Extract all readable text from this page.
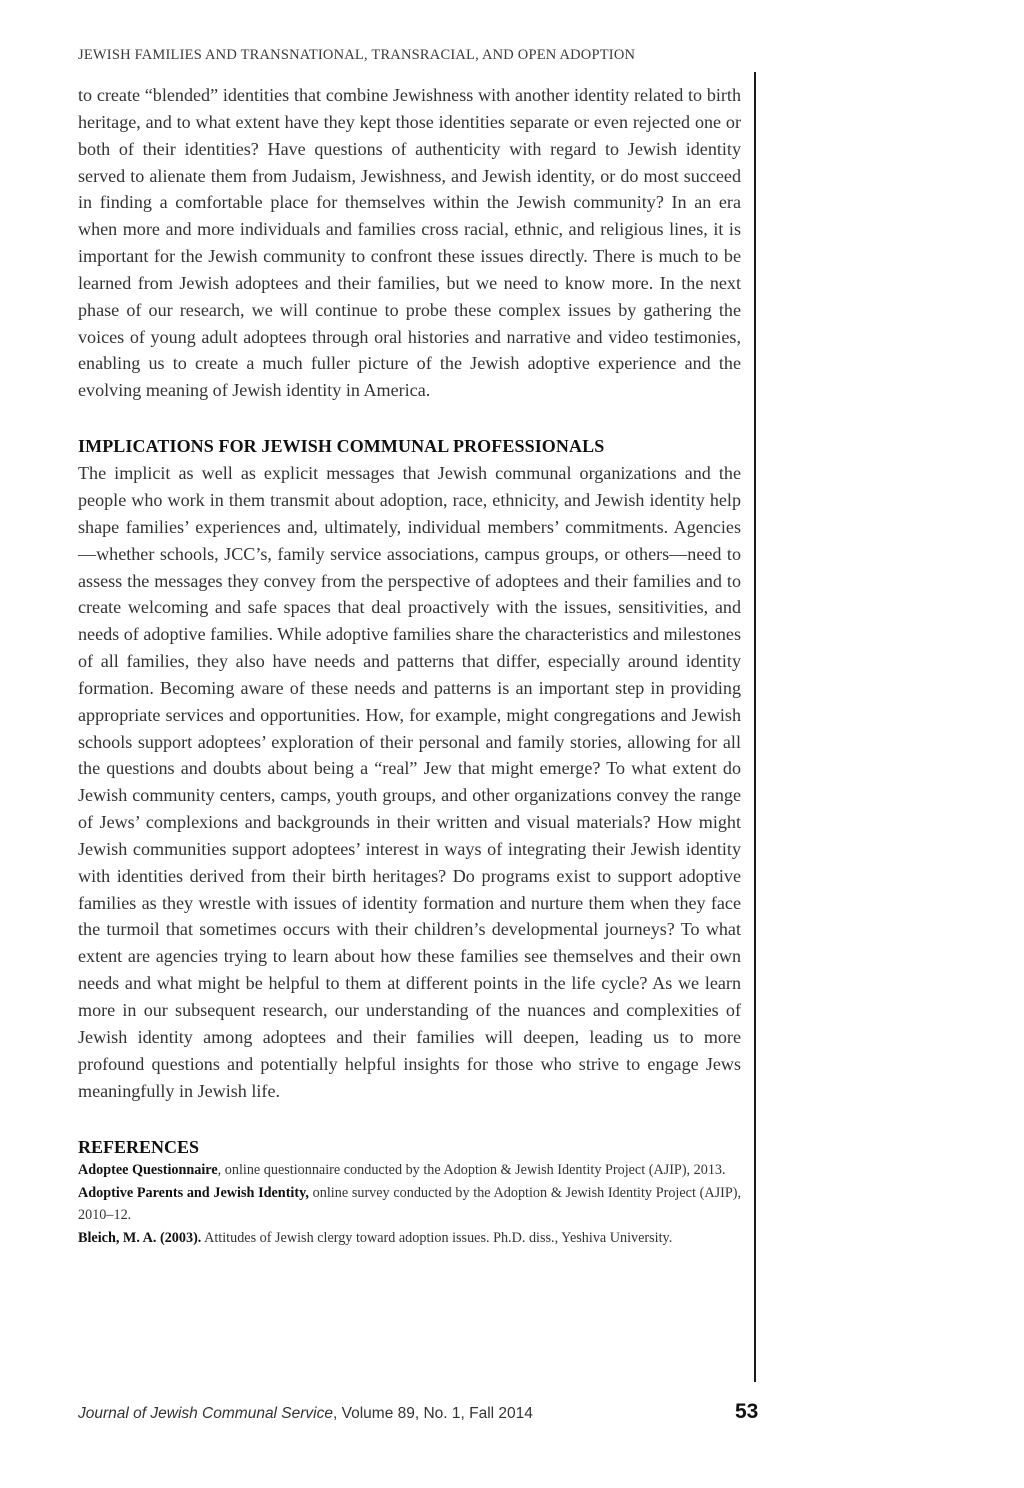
JEWISH FAMILIES AND TRANSNATIONAL, TRANSRACIAL, AND OPEN ADOPTION

to create “blended” identities that combine Jewishness with another identity related to birth heritage, and to what extent have they kept those identities separate or even rejected one or both of their identities? Have questions of authenticity with regard to Jewish identity served to alienate them from Judaism, Jewishness, and Jewish identity, or do most succeed in finding a comfortable place for themselves within the Jewish community? In an era when more and more individuals and families cross racial, ethnic, and religious lines, it is important for the Jewish community to confront these issues directly. There is much to be learned from Jewish adoptees and their families, but we need to know more. In the next phase of our research, we will continue to probe these complex issues by gathering the voices of young adult adoptees through oral histories and narrative and video testimonies, enabling us to create a much fuller picture of the Jewish adoptive experience and the evolving meaning of Jewish identity in America.

IMPLICATIONS FOR JEWISH COMMUNAL PROFESSIONALS

The implicit as well as explicit messages that Jewish communal organizations and the people who work in them transmit about adoption, race, ethnicity, and Jewish identity help shape families’ experiences and, ultimately, individual members’ commitments. Agencies—whether schools, JCC’s, family service associations, campus groups, or others—need to assess the messages they convey from the perspective of adoptees and their families and to create welcoming and safe spaces that deal proactively with the issues, sensitivities, and needs of adoptive families. While adoptive families share the characteristics and milestones of all families, they also have needs and patterns that differ, especially around identity formation. Becoming aware of these needs and patterns is an important step in providing appropriate services and opportunities. How, for example, might congregations and Jewish schools support adoptees’ exploration of their personal and family stories, allowing for all the questions and doubts about being a “real” Jew that might emerge? To what extent do Jewish community centers, camps, youth groups, and other organizations convey the range of Jews’ complexions and backgrounds in their written and visual materials? How might Jewish communities support adoptees’ interest in ways of integrating their Jewish identity with identities derived from their birth heritages? Do programs exist to support adoptive families as they wrestle with issues of identity formation and nurture them when they face the turmoil that sometimes occurs with their children’s developmental journeys? To what extent are agencies trying to learn about how these families see themselves and their own needs and what might be helpful to them at different points in the life cycle? As we learn more in our subsequent research, our understanding of the nuances and complexities of Jewish identity among adoptees and their families will deepen, leading us to more profound questions and potentially helpful insights for those who strive to engage Jews meaningfully in Jewish life.

REFERENCES

Adoptee Questionnaire, online questionnaire conducted by the Adoption & Jewish Identity Project (AJIP), 2013.

Adoptive Parents and Jewish Identity, online survey conducted by the Adoption & Jewish Identity Project (AJIP), 2010–12.

Bleich, M. A. (2003). Attitudes of Jewish clergy toward adoption issues. Ph.D. diss., Yeshiva University.

Journal of Jewish Communal Service, Volume 89, No. 1, Fall 2014	53
